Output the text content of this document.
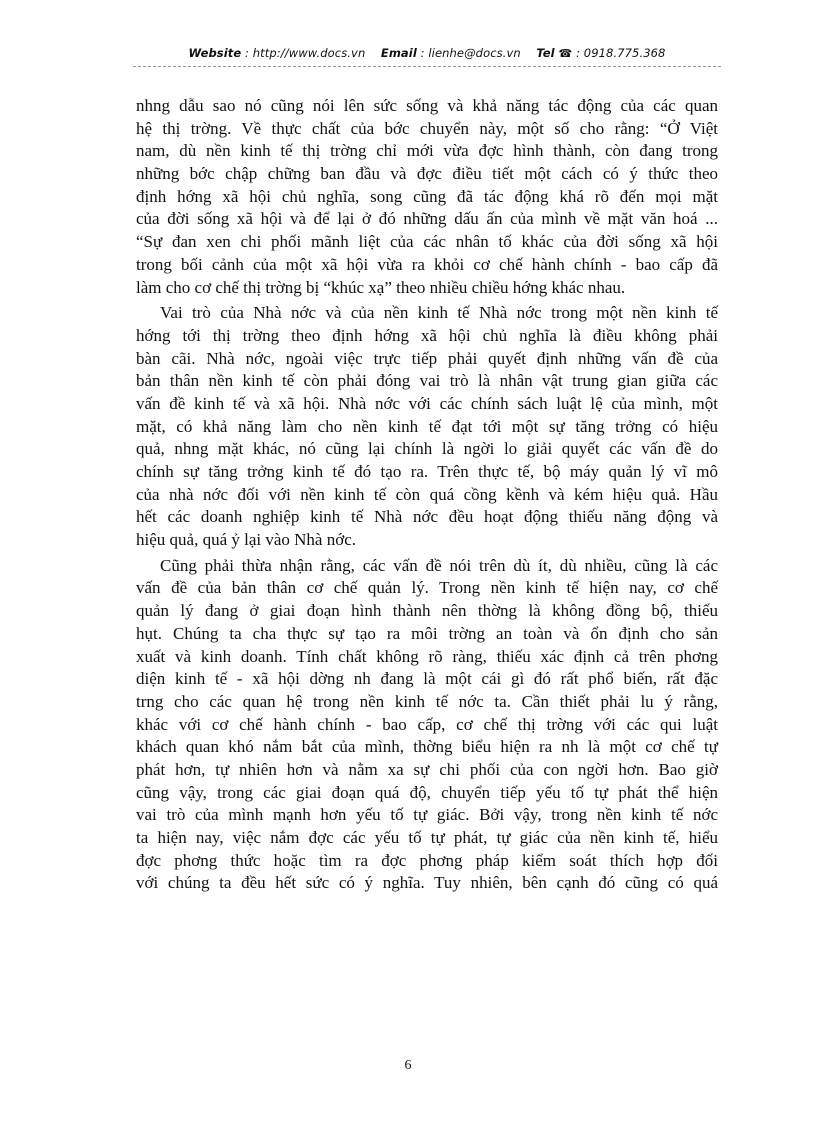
Website : http://www.docs.vn Email : lienhe@docs.vn Tel ☎ : 0918.775.368
nhng dẫu sao nó cũng nói lên sức sống và khả năng tác động của các quan
hệ thị trờng. Về thực chất của bớc chuyển này, một số cho rằng: “Ở Việt
nam, dù nền kinh tế thị trờng chỉ mới vừa đợc hình thành, còn đang trong
những bớc chập chững ban đầu và đợc điều tiết một cách có ý thức theo
định hớng xã hội chủ nghĩa, song cũng đã tác động khá rõ đến mọi mặt
của đời sống xã hội và để lại ở đó những dấu ấn của mình về mặt văn hoá ...
“Sự đan xen chi phối mãnh liệt của các nhân tố khác của đời sống xã hội
trong bối cảnh của một xã hội vừa ra khỏi cơ chế hành chính - bao cấp đã
làm cho cơ chế thị trờng bị “khúc xạ” theo nhiều chiều hớng khác nhau.
Vai trò của Nhà nớc và của nền kinh tế Nhà nớc trong một nền kinh tế
hớng tới thị trờng theo định hớng xã hội chủ nghĩa là điều không phải
bàn cãi. Nhà nớc, ngoài việc trực tiếp phải quyết định những vấn đề của
bản thân nền kinh tế còn phải đóng vai trò là nhân vật trung gian giữa các
vấn đề kinh tế và xã hội. Nhà nớc với các chính sách luật lệ của mình, một
mặt, có khả năng làm cho nền kinh tế đạt tới một sự tăng trởng có hiệu
quả, nhng mặt khác, nó cũng lại chính là ngời lo giải quyết các vấn đề do
chính sự tăng trởng kinh tế đó tạo ra. Trên thực tế, bộ máy quản lý vĩ mô
của nhà nớc đối với nền kinh tế còn quá cồng kềnh và kém hiệu quả. Hầu
hết các doanh nghiệp kinh tế Nhà nớc đều hoạt động thiếu năng động và
hiệu quả, quá ỷ lại vào Nhà nớc.
Cũng phải thừa nhận rằng, các vấn đề nói trên dù ít, dù nhiều, cũng là các
vấn đề của bản thân cơ chế quản lý. Trong nền kinh tế hiện nay, cơ chế
quản lý đang ở giai đoạn hình thành nên thờng là không đồng bộ, thiếu
hụt. Chúng ta cha thực sự tạo ra môi trờng an toàn và ổn định cho sản
xuất và kinh doanh. Tính chất không rõ ràng, thiếu xác định cả trên phơng
diện kinh tế - xã hội dờng nh đang là một cái gì đó rất phổ biến, rất đặc
trng cho các quan hệ trong nền kinh tế nớc ta. Cần thiết phải lu ý rằng,
khác với cơ chế hành chính - bao cấp, cơ chế thị trờng với các qui luật
khách quan khó nắm bắt của mình, thờng biểu hiện ra nh là một cơ chế tự
phát hơn, tự nhiên hơn và nằm xa sự chi phối của con ngời hơn. Bao giờ
cũng vậy, trong các giai đoạn quá độ, chuyển tiếp yếu tố tự phát thể hiện
vai trò của mình mạnh hơn yếu tố tự giác. Bởi vậy, trong nền kinh tế nớc
ta hiện nay, việc nắm đợc các yếu tố tự phát, tự giác của nền kinh tế, hiểu
đợc phơng thức hoặc tìm ra đợc phơng pháp kiểm soát thích hợp đối
với chúng ta đều hết sức có ý nghĩa. Tuy nhiên, bên cạnh đó cũng có quá
6
